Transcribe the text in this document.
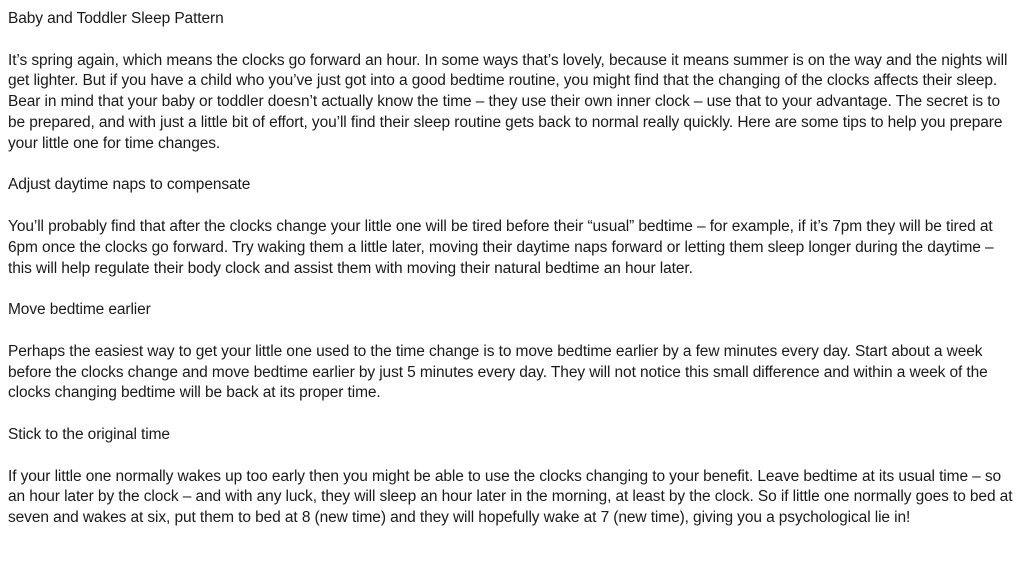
Baby and Toddler Sleep Pattern

It’s spring again, which means the clocks go forward an hour. In some ways that’s lovely, because it means summer is on the way and the nights will get lighter. But if you have a child who you’ve just got into a good bedtime routine, you might find that the changing of the clocks affects their sleep. Bear in mind that your baby or toddler doesn’t actually know the time – they use their own inner clock – use that to your advantage. The secret is to be prepared, and with just a little bit of effort, you’ll find their sleep routine gets back to normal really quickly. Here are some tips to help you prepare your little one for time changes.

Adjust daytime naps to compensate

You’ll probably find that after the clocks change your little one will be tired before their “usual” bedtime – for example, if it’s 7pm they will be tired at 6pm once the clocks go forward. Try waking them a little later, moving their daytime naps forward or letting them sleep longer during the daytime – this will help regulate their body clock and assist them with moving their natural bedtime an hour later.

Move bedtime earlier

Perhaps the easiest way to get your little one used to the time change is to move bedtime earlier by a few minutes every day. Start about a week before the clocks change and move bedtime earlier by just 5 minutes every day. They will not notice this small difference and within a week of the clocks changing bedtime will be back at its proper time.

Stick to the original time

If your little one normally wakes up too early then you might be able to use the clocks changing to your benefit. Leave bedtime at its usual time – so an hour later by the clock – and with any luck, they will sleep an hour later in the morning, at least by the clock. So if little one normally goes to bed at seven and wakes at six, put them to bed at 8 (new time) and they will hopefully wake at 7 (new time), giving you a psychological lie in!
